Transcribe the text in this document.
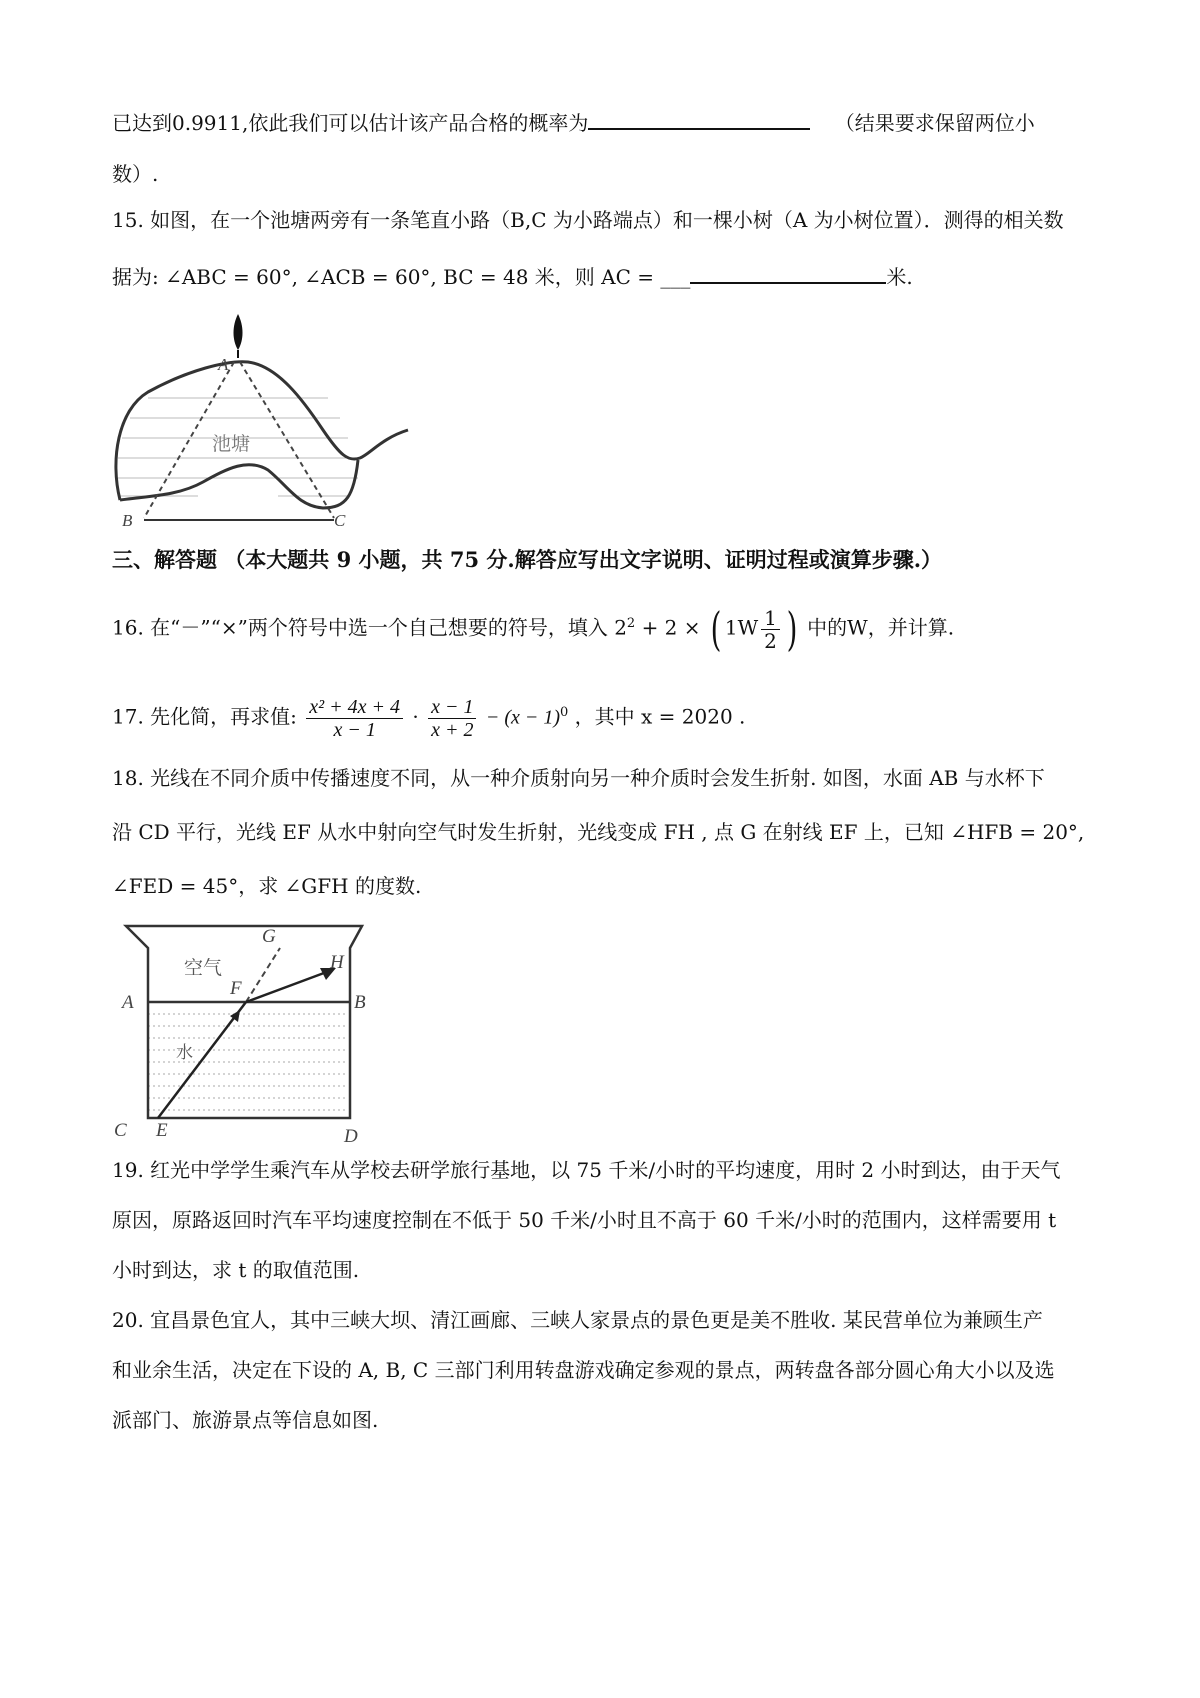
已达到0.9911,依此我们可以估计该产品合格的概率为	（结果要求保留两位小
数）.
15. 如图，在一个池塘两旁有一条笔直小路（B,C 为小路端点）和一棵小树（A 为小树位置）．测得的相关数
据为: ∠ABC = 60°, ∠ACB = 60°, BC = 48 米，则 AC = ___	米.
A
B	C
池塘
三、解答题 （本大题共 9 小题，共 75 分.解答应写出文字说明、证明过程或演算步骤.）
16. 在“－”“×”两个符号中选一个自己想要的符号，填入 $2^2 + 2$ × ( $1W \frac{1}{2}$ ) 中的W，并计算.
17. 先化简，再求值: $\frac{\text{x² + 4x + 4}}{x - 1} \cdot \frac{x - 1}{x + 2} - (x - 1)^0$ ，其中 x = 2020 .
18. 光线在不同介质中传播速度不同，从一种介质射向另一种介质时会发生折射. 如图，水面 AB 与水杯下
沿 CD 平行，光线 EF 从水中射向空气时发生折射，光线变成 FH , 点 G 在射线 EF 上，已知 ∠HFB = 20°,
∠FED = 45°，求 ∠GFH 的度数.
空气
水
A	B
C	D
E
F
G
H
19. 红光中学学生乘汽车从学校去研学旅行基地，以 75 千米/小时的平均速度，用时 2 小时到达，由于天气
原因，原路返回时汽车平均速度控制在不低于 50 千米/小时且不高于 60 千米/小时的范围内，这样需要用 t
小时到达，求 t 的取值范围.
20. 宜昌景色宜人，其中三峡大坝、清江画廊、三峡人家景点的景色更是美不胜收. 某民营单位为兼顾生产
和业余生活，决定在下设的 A, B, C 三部门利用转盘游戏确定参观的景点，两转盘各部分圆心角大小以及选
派部门、旅游景点等信息如图.
